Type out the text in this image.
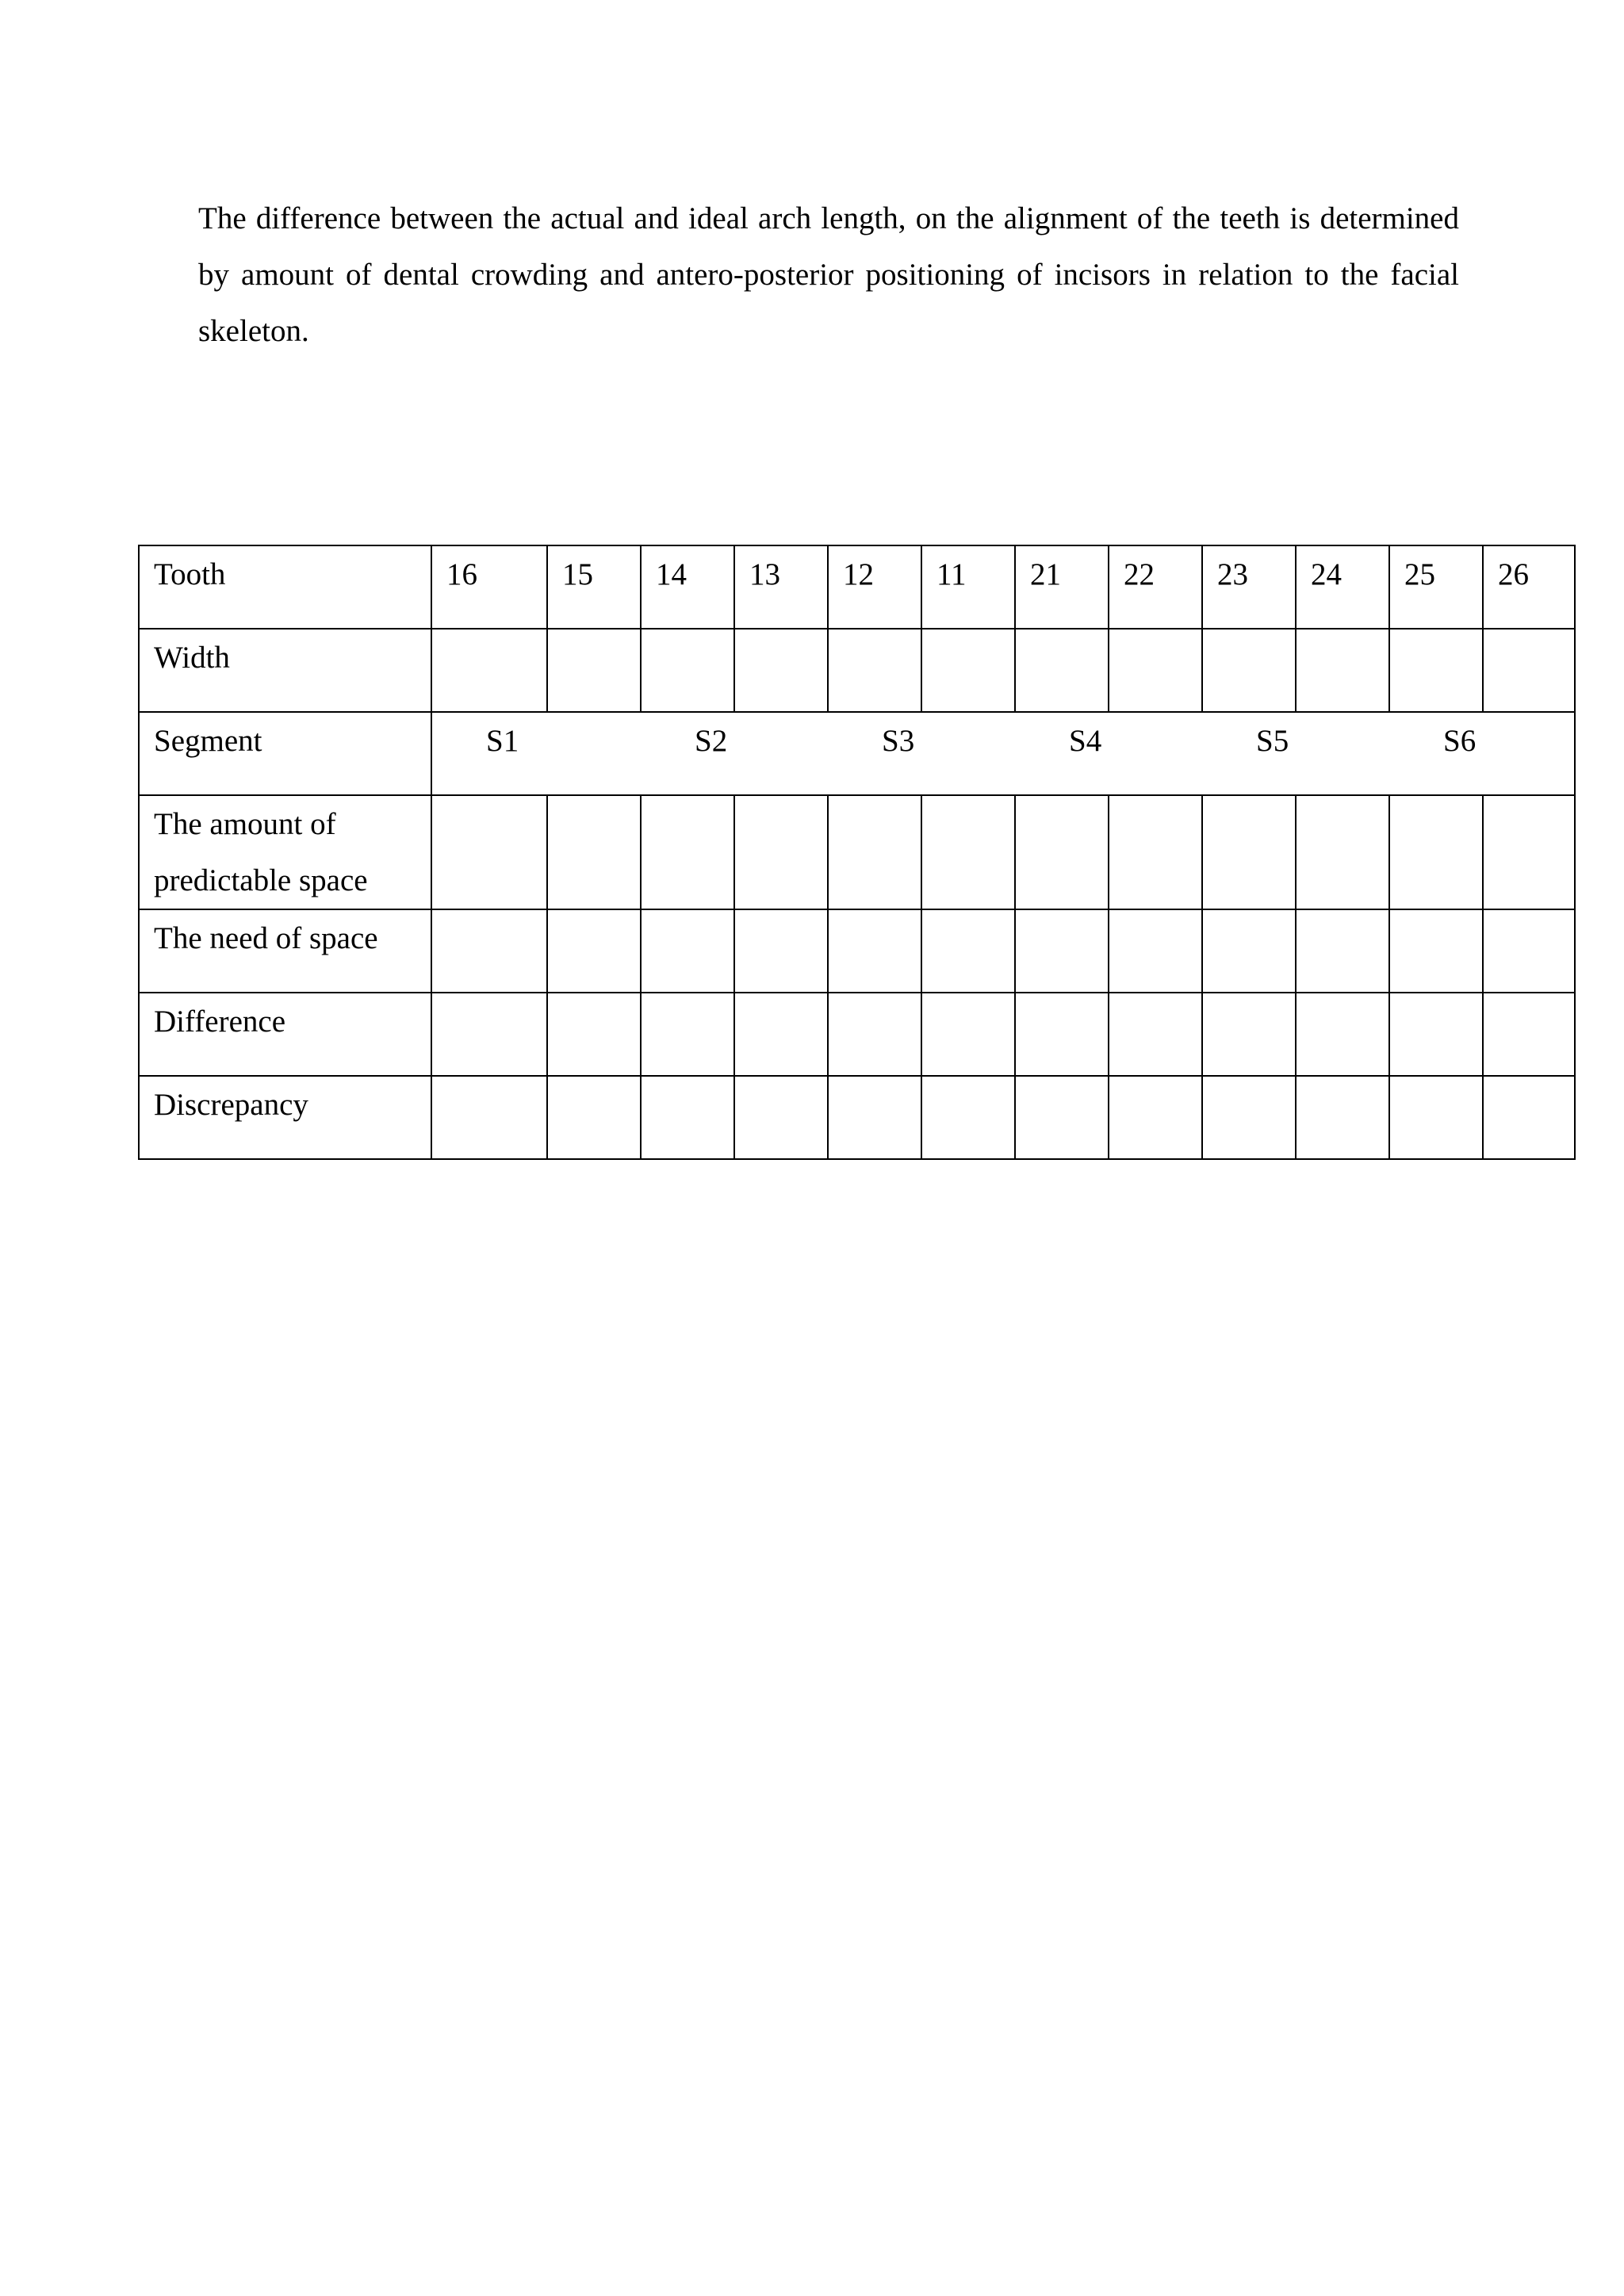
The difference between the actual and ideal arch length, on the alignment of the teeth is determined by amount of dental crowding and antero-posterior positioning of incisors in relation to the facial skeleton.

Tooth	16	15	14	13	12	11	21	22	23	24	25	26
Width												
Segment	S1		S2		S3		S4		S5		S6	
The amount of predictable space												
The need of space												
Difference												
Discrepancy												
